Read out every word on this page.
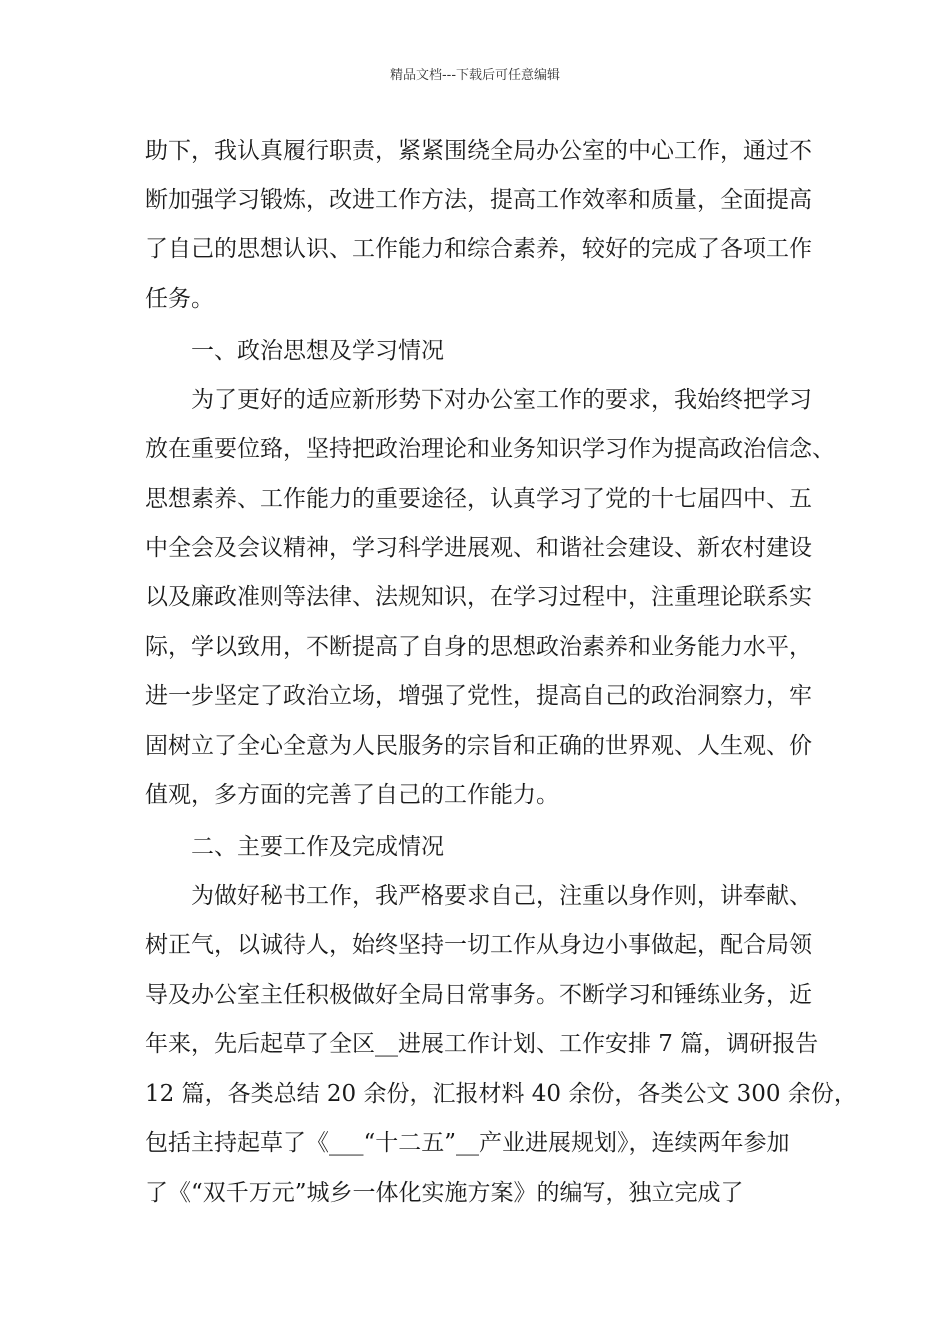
精品文档---下载后可任意编辑
助下，我认真履行职责，紧紧围绕全局办公室的中心工作，通过不
断加强学习锻炼，改进工作方法，提高工作效率和质量，全面提高
了自己的思想认识、工作能力和综合素养，较好的完成了各项工作
任务。
　　一、政治思想及学习情况
　　为了更好的适应新形势下对办公室工作的要求，我始终把学习
放在重要位臵，坚持把政治理论和业务知识学习作为提高政治信念、
思想素养、工作能力的重要途径，认真学习了党的十七届四中、五
中全会及会议精神，学习科学进展观、和谐社会建设、新农村建设
以及廉政准则等法律、法规知识，在学习过程中，注重理论联系实
际，学以致用，不断提高了自身的思想政治素养和业务能力水平，
进一步坚定了政治立场，增强了党性，提高自己的政治洞察力，牢
固树立了全心全意为人民服务的宗旨和正确的世界观、人生观、价
值观，多方面的完善了自己的工作能力。
　　二、主要工作及完成情况
　　为做好秘书工作，我严格要求自己，注重以身作则，讲奉献、
树正气，以诚待人，始终坚持一切工作从身边小事做起，配合局领
导及办公室主任积极做好全局日常事务。不断学习和锤练业务，近
年来，先后起草了全区__进展工作计划、工作安排 7 篇，调研报告
12 篇，各类总结 20 余份，汇报材料 40 余份，各类公文 300 余份，
包括主持起草了《___“十二五”__产业进展规划》，连续两年参加
了《“双千万元”城乡一体化实施方案》的编写，独立完成了
